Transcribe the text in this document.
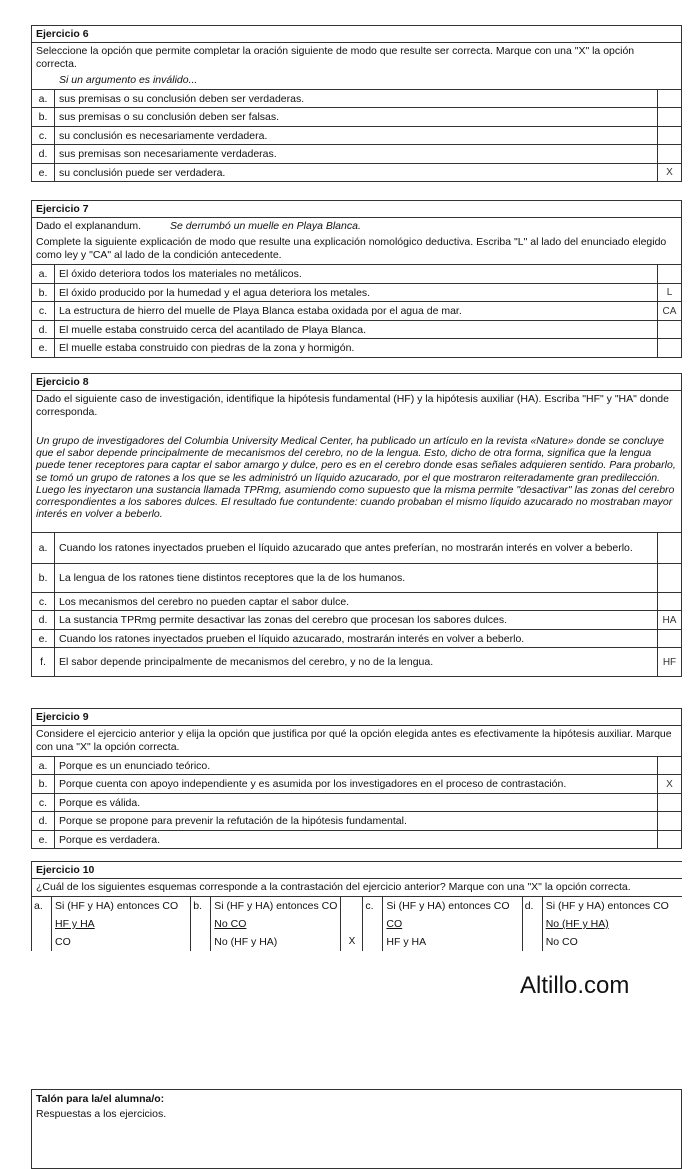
Ejercicio 6
Seleccione la opción que permite completar la oración siguiente de modo que resulte ser correcta. Marque con una "X" la opción correcta.
Si un argumento es inválido...
a.	sus premisas o su conclusión deben ser verdaderas.
b.	sus premisas o su conclusión deben ser falsas.
c.	su conclusión es necesariamente verdadera.
d.	sus premisas son necesariamente verdaderas.
e.	su conclusión puede ser verdadera.	X
Ejercicio 7
Dado el explanandum.	Se derrumbó un muelle en Playa Blanca.
Complete la siguiente explicación de modo que resulte una explicación nomológico deductiva. Escriba "L" al lado del enunciado elegido como ley y "CA" al lado de la condición antecedente.
a.	El óxido deteriora todos los materiales no metálicos.
b.	El óxido producido por la humedad y el agua deteriora los metales.	L
c.	La estructura de hierro del muelle de Playa Blanca estaba oxidada por el agua de mar.	CA
d.	El muelle estaba construido cerca del acantilado de Playa Blanca.
e.	El muelle estaba construido con piedras de la zona y hormigón.
Ejercicio 8
Dado el siguiente caso de investigación, identifique la hipótesis fundamental (HF) y la hipótesis auxiliar (HA). Escriba "HF" y "HA" donde corresponda.
Un grupo de investigadores del Columbia University Medical Center, ha publicado un artículo en la revista «Nature» donde se concluye que el sabor depende principalmente de mecanismos del cerebro, no de la lengua. Esto, dicho de otra forma, significa que la lengua puede tener receptores para captar el sabor amargo y dulce, pero es en el cerebro donde esas señales adquieren sentido. Para probarlo, se tomó un grupo de ratones a los que se les administró un líquido azucarado, por el que mostraron reiteradamente gran predilección. Luego les inyectaron una sustancia llamada TPRmg, asumiendo como supuesto que la misma permite "desactivar" las zonas del cerebro correspondientes a los sabores dulces. El resultado fue contundente: cuando probaban el mismo líquido azucarado no mostraban mayor interés en volver a beberlo.
a.	Cuando los ratones inyectados prueben el líquido azucarado que antes preferían, no mostrarán interés en volver a beberlo.
b.	La lengua de los ratones tiene distintos receptores que la de los humanos.
c.	Los mecanismos del cerebro no pueden captar el sabor dulce.
d.	La sustancia TPRmg permite desactivar las zonas del cerebro que procesan los sabores dulces.	HA
e.	Cuando los ratones inyectados prueben el líquido azucarado, mostrarán interés en volver a beberlo.
f.	El sabor depende principalmente de mecanismos del cerebro, y no de la lengua.	HF
Ejercicio 9
Considere el ejercicio anterior y elija la opción que justifica por qué la opción elegida antes es efectivamente la hipótesis auxiliar. Marque con una "X" la opción correcta.
a.	Porque es un enunciado teórico.
b.	Porque cuenta con apoyo independiente y es asumida por los investigadores en el proceso de contrastación.	X
c.	Porque es válida.
d.	Porque se propone para prevenir la refutación de la hipótesis fundamental.
e.	Porque es verdadera.
Ejercicio 10
¿Cuál de los siguientes esquemas corresponde a la contrastación del ejercicio anterior? Marque con una "X" la opción correcta.
a.	Si (HF y HA) entonces CO
HF y HA
CO
b.	Si (HF y HA) entonces CO
No CO
No (HF y HA)	X
c.	Si (HF y HA) entonces CO
CO
HF y HA
d.	Si (HF y HA) entonces CO
No (HF y HA)
No CO
Altillo.com
Talón para la/el alumna/o:
Respuestas a los ejercicios.
